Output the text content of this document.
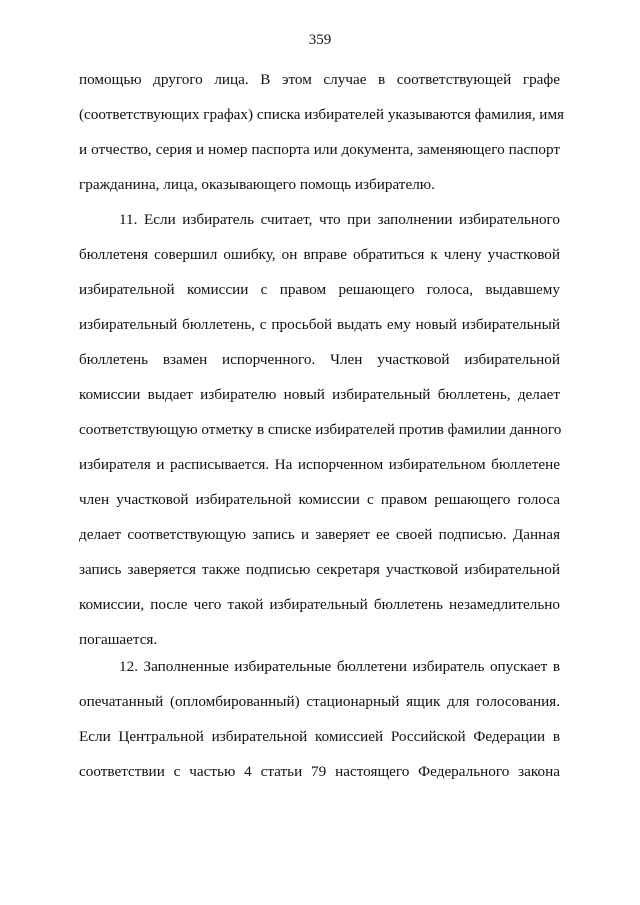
359
помощью другого лица. В этом случае в соответствующей графе
(соответствующих графах) списка избирателей указываются фамилия, имя
и отчество, серия и номер паспорта или документа, заменяющего паспорт
гражданина, лица, оказывающего помощь избирателю.
11. Если избиратель считает, что при заполнении избирательного
бюллетеня совершил ошибку, он вправе обратиться к члену участковой
избирательной комиссии с правом решающего голоса, выдавшему
избирательный бюллетень, с просьбой выдать ему новый избирательный
бюллетень взамен испорченного. Член участковой избирательной
комиссии выдает избирателю новый избирательный бюллетень, делает
соответствующую отметку в списке избирателей против фамилии данного
избирателя и расписывается. На испорченном избирательном бюллетене
член участковой избирательной комиссии с правом решающего голоса
делает соответствующую запись и заверяет ее своей подписью. Данная
запись заверяется также подписью секретаря участковой избирательной
комиссии, после чего такой избирательный бюллетень незамедлительно
погашается.
12. Заполненные избирательные бюллетени избиратель опускает в
опечатанный (опломбированный) стационарный ящик для голосования.
Если Центральной избирательной комиссией Российской Федерации в
соответствии с частью 4 статьи 79 настоящего Федерального закона
